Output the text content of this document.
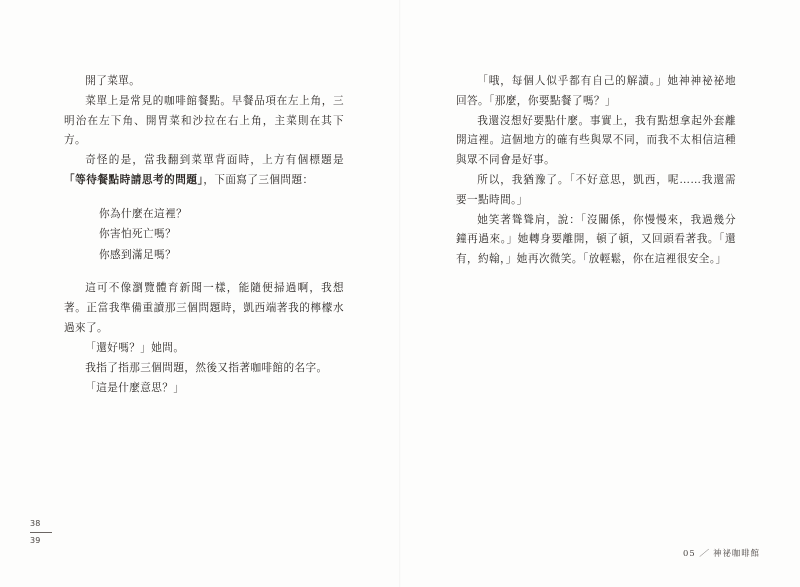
開了菜單。

菜單上是常見的咖啡館餐點。早餐品項在左上角，三明治在左下角、開胃菜和沙拉在右上角，主菜則在其下方。

奇怪的是，當我翻到菜單背面時，上方有個標題是「等待餐點時請思考的問題」，下面寫了三個問題：

你為什麼在這裡？

你害怕死亡嗎？

你感到滿足嗎？

這可不像瀏覽體育新聞一樣，能隨便掃過啊，我想著。正當我準備重讀那三個問題時，凱西端著我的檸檬水過來了。

「還好嗎？」她問。

我指了指那三個問題，然後又指著咖啡館的名字。

「這是什麼意思？」

38
39

「哦，每個人似乎都有自己的解讀。」她神神祕祕地回答。「那麼，你要點餐了嗎？」

我還沒想好要點什麼。事實上，我有點想拿起外套離開這裡。這個地方的確有些與眾不同，而我不太相信這種與眾不同會是好事。

所以，我猶豫了。「不好意思，凱西，呢……我還需要一點時間。」

她笑著聳聳肩，說：「沒關係，你慢慢來，我過幾分鐘再過來。」她轉身要離開，頓了頓，又回頭看著我。「還有，約翰，」她再次微笑。「放輕鬆，你在這裡很安全。」

05 ／ 神祕咖啡館
